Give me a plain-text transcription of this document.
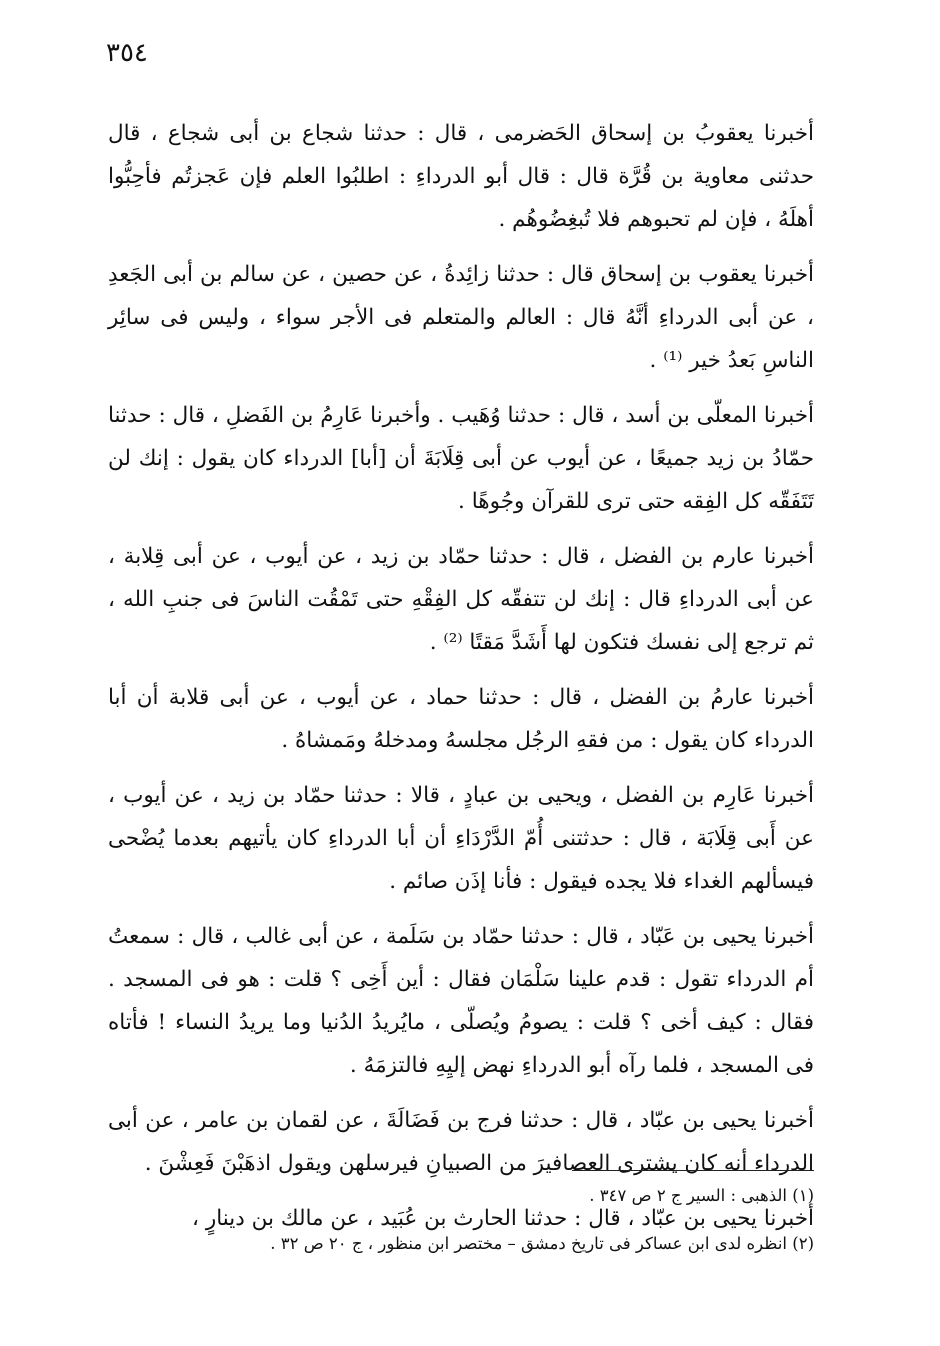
٣٥٤

أخبرنا يعقوبُ بن إسحاق الحَضرمى ، قال : حدثنا شجاع بن أبى شجاع ، قال حدثنى معاوية بن قُرَّة قال : قال أبو الدرداءِ : اطلبُوا العلم فإن عَجزتُم فأحِبُّوا أهلَهُ ، فإن لم تحبوهم فلا تُبغِضُوهُم .

أخبرنا يعقوب بن إسحاق قال : حدثنا زائِدةُ ، عن حصين ، عن سالم بن أبى الجَعدِ ، عن أبى الدرداءِ أنَّهُ قال : العالم والمتعلم فى الأجر سواء ، وليس فى سائِر الناسِ بَعدُ خير ⁽¹⁾ .

أخبرنا المعلّى بن أسد ، قال : حدثنا وُهَيب . وأخبرنا عَارِمُ بن الفَضلِ ، قال : حدثنا حمّادُ بن زيد جميعًا ، عن أيوب عن أبى قِلَابَةَ أن [أبا] الدرداء كان يقول : إنك لن تَتَفَقّه كل الفِقه حتى ترى للقرآن وجُوهًا .

أخبرنا عارم بن الفضل ، قال : حدثنا حمّاد بن زيد ، عن أيوب ، عن أبى قِلابة ، عن أبى الدرداءِ قال : إنك لن تتفقّه كل الفِقْهِ حتى تَمْقُت الناسَ فى جنبِ الله ، ثم ترجع إلى نفسك فتكون لها أَشَدَّ مَقتًا ⁽²⁾ .

أخبرنا عارمُ بن الفضل ، قال : حدثنا حماد ، عن أيوب ، عن أبى قلابة أن أبا الدرداء كان يقول : من فقهِ الرجُل مجلسهُ ومدخلهُ ومَمشاهُ .

أخبرنا عَارِم بن الفضل ، ويحيى بن عبادٍ ، قالا : حدثنا حمّاد بن زيد ، عن أيوب ، عن أَبى قِلَابَة ، قال : حدثتنى أُمّ الدَّرْدَاءِ أن أبا الدرداءِ كان يأتيهم بعدما يُضْحى فيسألهم الغداء فلا يجده فيقول : فأنا إذَن صائم .

أخبرنا يحيى بن عَبّاد ، قال : حدثنا حمّاد بن سَلَمة ، عن أبى غالب ، قال : سمعتُ أم الدرداء تقول : قدم علينا سَلْمَان فقال : أين أَخِى ؟ قلت : هو فى المسجد . فقال : كيف أخى ؟ قلت : يصومُ ويُصلّى ، مايُريدُ الدُنيا وما يريدُ النساء ! فأتاه فى المسجد ، فلما رآه أبو الدرداءِ نهض إليِهِ فالتزمَهُ .

أخبرنا يحيى بن عبّاد ، قال : حدثنا فرج بن فَضَالَةَ ، عن لقمان بن عامر ، عن أبى الدرداء أنه كان يشترى العصافيرَ من الصبيانِ فيرسلهن ويقول اذهَبْنَ فَعِشْنَ .

أخبرنا يحيى بن عبّاد ، قال : حدثنا الحارث بن عُبَيد ، عن مالك بن دينارٍ ،

(١) الذهبى : السير ج ٢ ص ٣٤٧ .
(٢) انظره لدى ابن عساكر فى تاريخ دمشق – مختصر ابن منظور ، ج ٢٠ ص ٣٢ .
